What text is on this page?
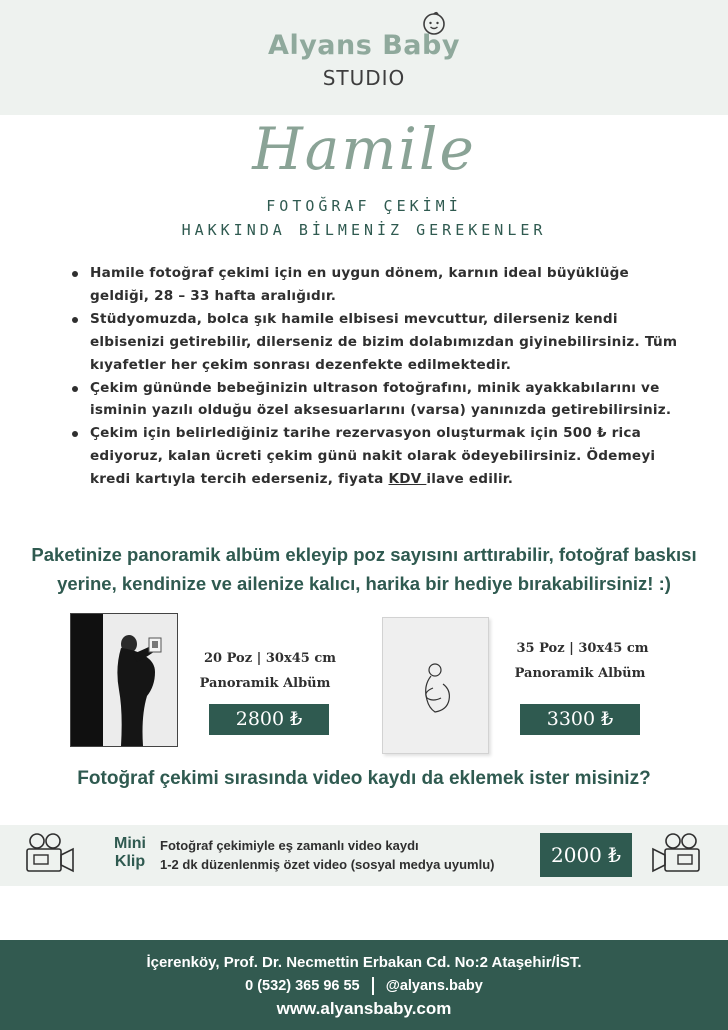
Alyans Baby
STUDIO
Hamile
FOTOĞRAF ÇEKİMİ
HAKKINDA BİLMENİZ GEREKENLER
Hamile fotoğraf çekimi için en uygun dönem, karnın ideal büyüklüğe geldiği, 28 – 33 hafta aralığıdır.
Stüdyomuzda, bolca şık hamile elbisesi mevcuttur, dilerseniz kendi elbisenizi getirebilir, dilerseniz de bizim dolabımızdan giyinebilirsiniz. Tüm kıyafetler her çekim sonrası dezenfekte edilmektedir.
Çekim gününde bebeğinizin ultrason fotoğrafını, minik ayakkabılarını ve isminin yazılı olduğu özel aksesuarlarını (varsa) yanınızda getirebilirsiniz.
Çekim için belirlediğiniz tarihe rezervasyon oluşturmak için 500 ₺ rica ediyoruz, kalan ücreti çekim günü nakit olarak ödeyebilirsiniz. Ödemeyi kredi kartıyla tercih ederseniz, fiyata KDV ilave edilir.
Paketinize panoramik albüm ekleyip poz sayısını arttırabilir, fotoğraf baskısı
yerine, kendinize ve ailenize kalıcı, harika bir hediye bırakabilirsiniz! :)
20 Poz | 30x45 cm
Panoramik Albüm
2800 ₺
35 Poz | 30x45 cm
Panoramik Albüm
3300 ₺
Fotoğraf çekimi sırasında video kaydı da eklemek ister misiniz?
Mini
Klip
Fotoğraf çekimiyle eş zamanlı video kaydı
1-2 dk düzenlenmiş özet video (sosyal medya uyumlu)	2000 ₺
İçerenköy, Prof. Dr. Necmettin Erbakan Cd. No:2 Ataşehir/İST.
0 (532) 365 96 55 @alyans.baby
www.alyansbaby.com
